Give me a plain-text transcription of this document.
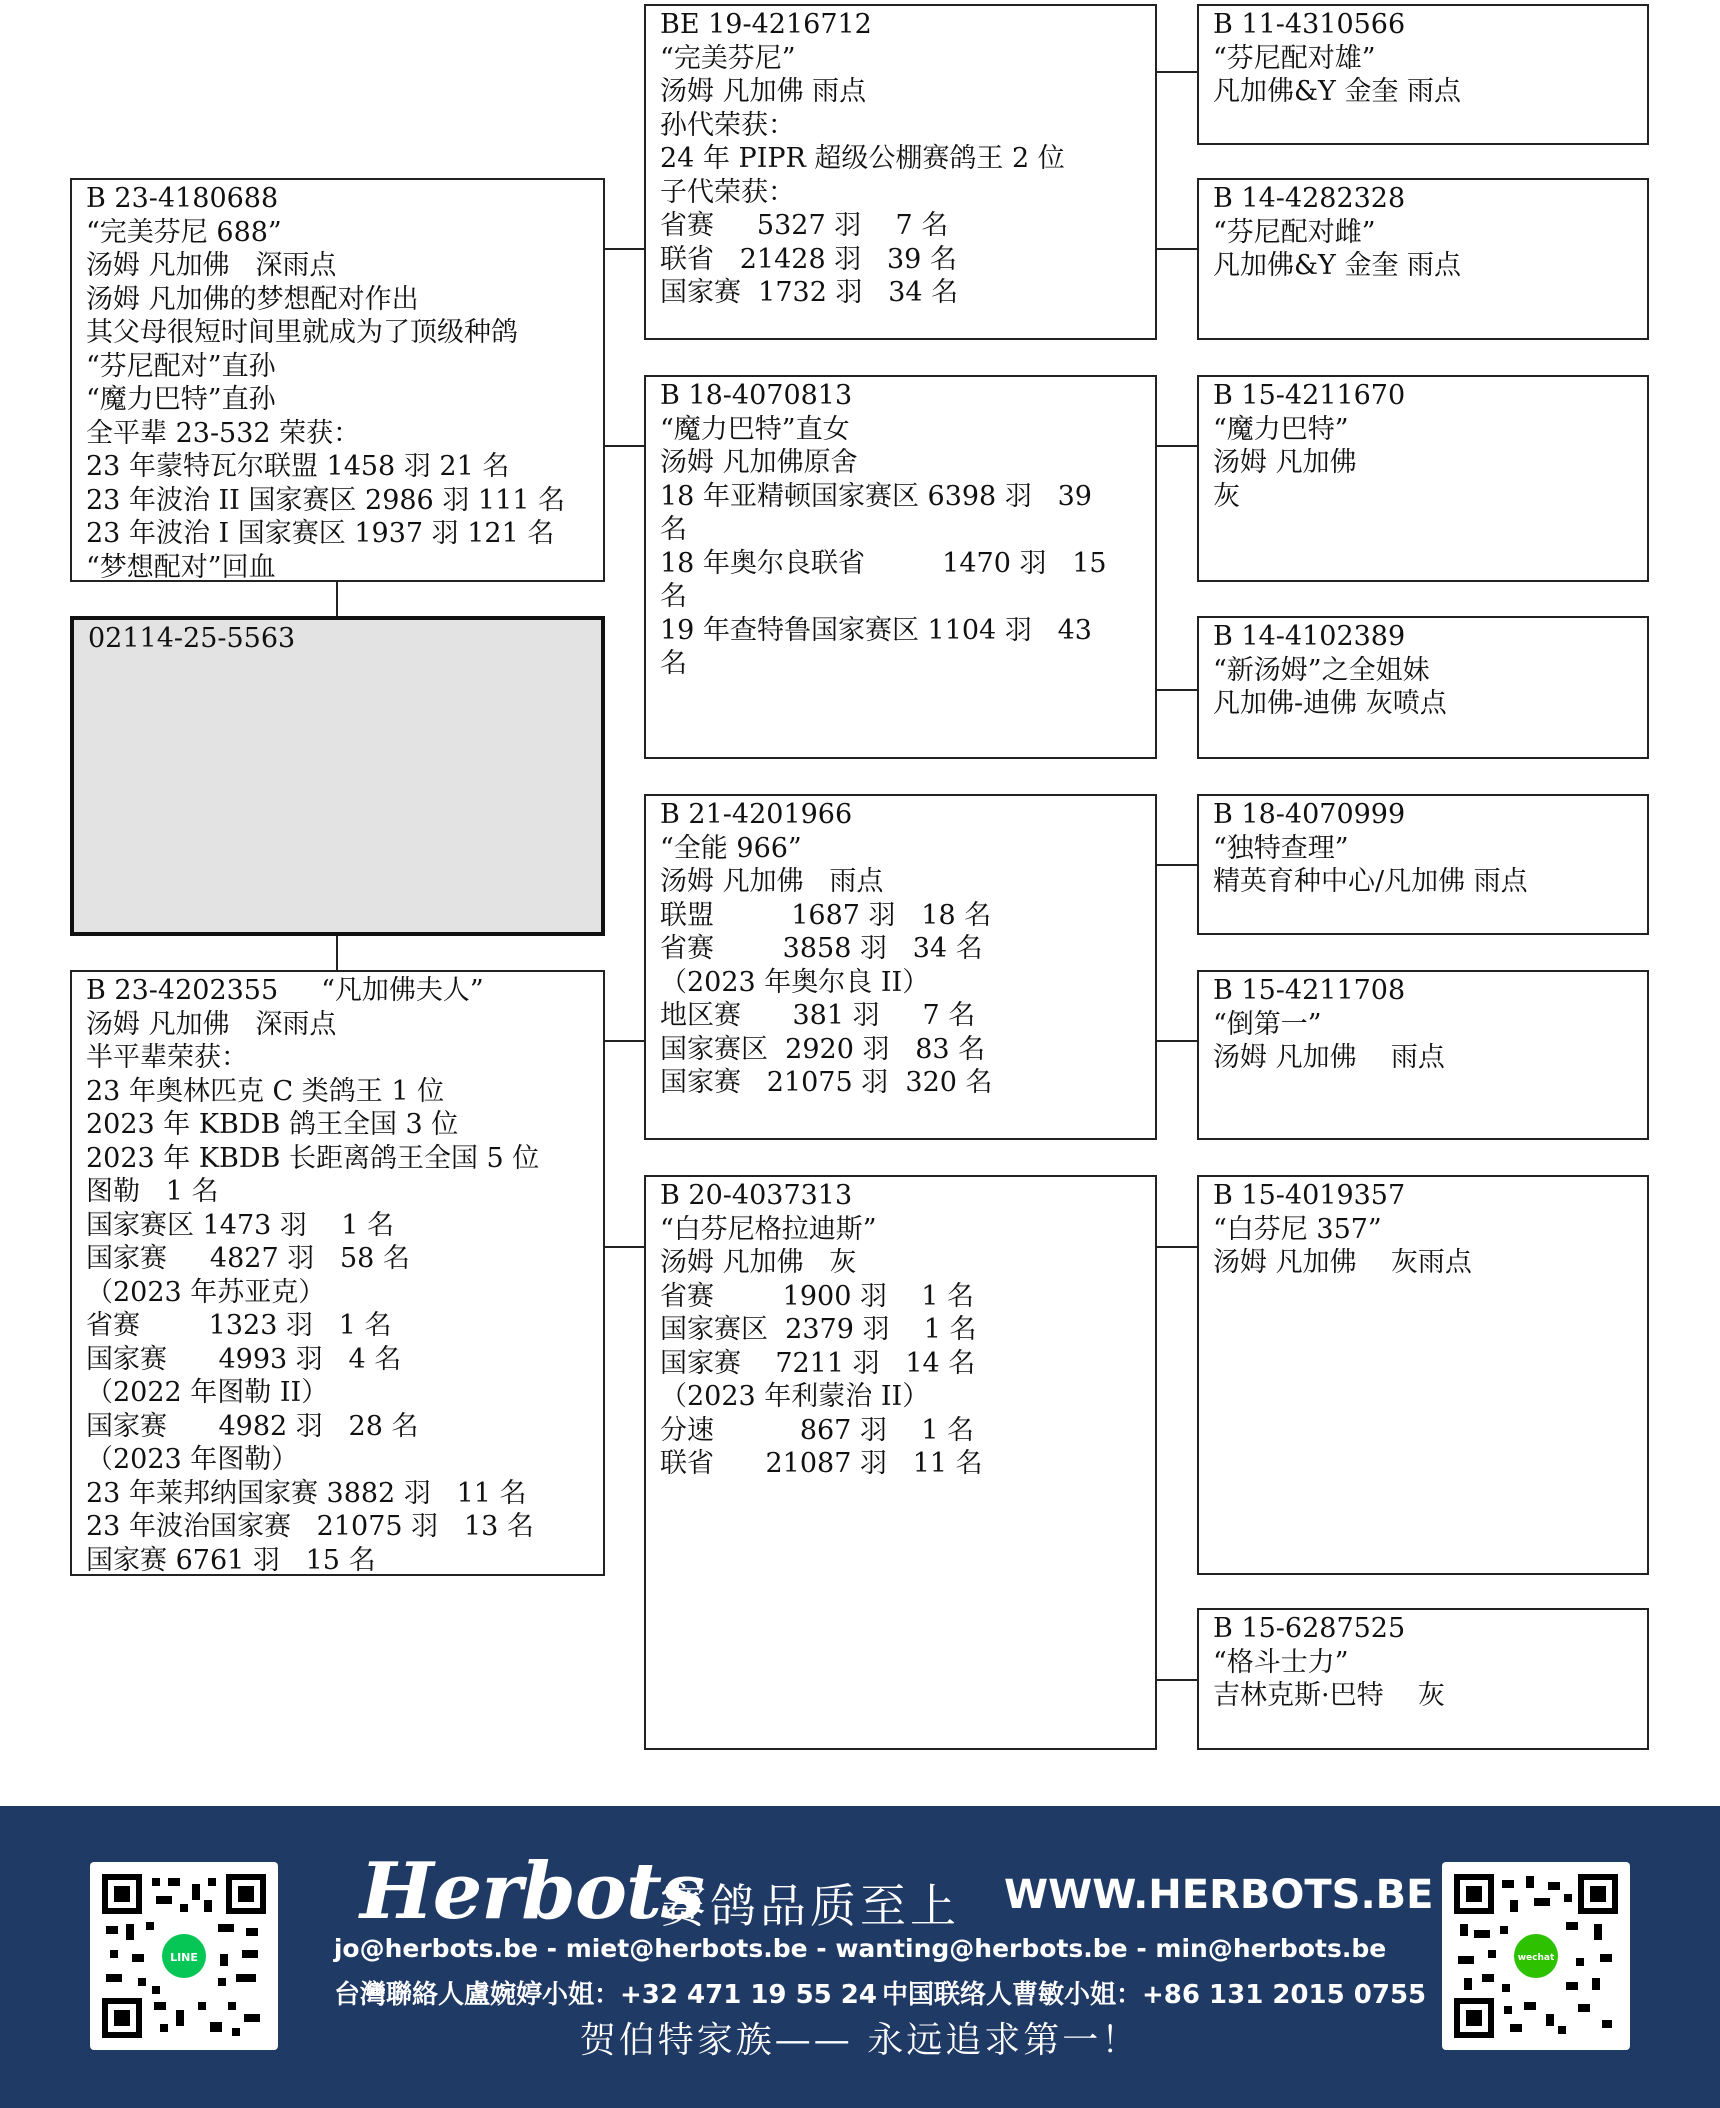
B 23-4180688
“完美芬尼 688”
汤姆 凡加佛   深雨点
汤姆 凡加佛的梦想配对作出
其父母很短时间里就成为了顶级种鸽
“芬尼配对”直孙
“魔力巴特”直孙
全平辈 23-532 荣获：
23 年蒙特瓦尔联盟 1458 羽 21 名
23 年波治 II 国家赛区 2986 羽 111 名
23 年波治 I 国家赛区 1937 羽 121 名
“梦想配对”回血
02114-25-5563
B 23-4202355     “凡加佛夫人”
汤姆 凡加佛   深雨点
半平辈荣获：
23 年奥林匹克 C 类鸽王 1 位
2023 年 KBDB 鸽王全国 3 位
2023 年 KBDB 长距离鸽王全国 5 位
图勒   1 名
国家赛区 1473 羽    1 名
国家赛     4827 羽   58 名
（2023 年苏亚克）
省赛        1323 羽   1 名
国家赛      4993 羽   4 名
（2022 年图勒 II）
国家赛      4982 羽   28 名
（2023 年图勒）
23 年莱邦纳国家赛 3882 羽   11 名
23 年波治国家赛   21075 羽   13 名
国家赛 6761 羽   15 名
BE 19-4216712
“完美芬尼”
汤姆 凡加佛 雨点
孙代荣获：
24 年 PIPR 超级公棚赛鸽王 2 位
子代荣获：
省赛     5327 羽    7 名
联省   21428 羽   39 名
国家赛  1732 羽   34 名
B 18-4070813
“魔力巴特”直女
汤姆 凡加佛原舍
18 年亚精顿国家赛区 6398 羽   39
名
18 年奥尔良联省         1470 羽   15
名
19 年查特鲁国家赛区 1104 羽   43
名
B 21-4201966
“全能 966”
汤姆 凡加佛   雨点
联盟         1687 羽   18 名
省赛        3858 羽   34 名
（2023 年奥尔良 II）
地区赛      381 羽     7 名
国家赛区  2920 羽   83 名
国家赛   21075 羽  320 名
B 20-4037313
“白芬尼格拉迪斯”
汤姆 凡加佛   灰
省赛        1900 羽    1 名
国家赛区  2379 羽    1 名
国家赛    7211 羽   14 名
（2023 年利蒙治 II）
分速          867 羽    1 名
联省      21087 羽   11 名
B 11-4310566
“芬尼配对雄”
凡加佛&Y 金奎 雨点
B 14-4282328
“芬尼配对雌”
凡加佛&Y 金奎 雨点
B 15-4211670
“魔力巴特”
汤姆 凡加佛
灰
B 14-4102389
“新汤姆”之全姐妹
凡加佛-迪佛 灰喷点
B 18-4070999
“独特查理”
精英育种中心/凡加佛 雨点
B 15-4211708
“倒第一”
汤姆 凡加佛    雨点
B 15-4019357
“白芬尼 357”
汤姆 凡加佛    灰雨点
B 15-6287525
“格斗士力”
吉林克斯·巴特    灰
LINE
Herbots
赛鸽品质至上 WWW.HERBOTS.BE
jo@herbots.be - miet@herbots.be - wanting@herbots.be - min@herbots.be
台灣聯絡人盧婉婷小姐：+32 471 19 55 24 中国联络人曹敏小姐：+86 131 2015 0755
贺伯特家族—— 永远追求第一！
wechat
